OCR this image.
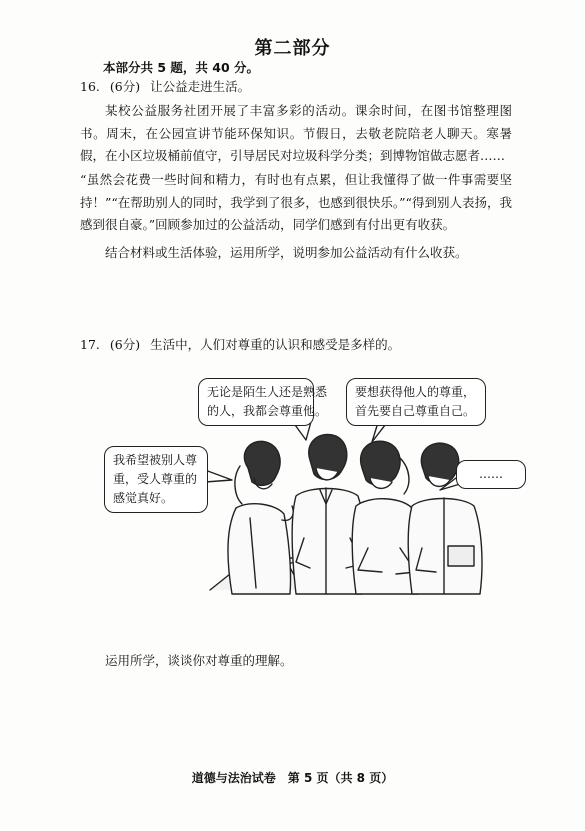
第二部分
本部分共 5 题，共 40 分。
16. (6分) 让公益走进生活。

某校公益服务社团开展了丰富多彩的活动。课余时间，在图书馆整理图书。周末，在公园宣讲节能环保知识。节假日，去敬老院陪老人聊天。寒暑假，在小区垃圾桶前值守，引导居民对垃圾科学分类；到博物馆做志愿者……

“虽然会花费一些时间和精力，有时也有点累，但让我懂得了做一件事需要坚持！”“在帮助别人的同时，我学到了很多，也感到很快乐。”“得到别人表扬，我感到很自豪。”回顾参加过的公益活动，同学们感到有付出更有收获。

结合材料或生活体验，运用所学，说明参加公益活动有什么收获。
17. (6分) 生活中，人们对尊重的认识和感受是多样的。
无论是陌生人还是熟悉
的人，我都会尊重他。
要想获得他人的尊重，
首先要自己尊重自己。
我希望被别人尊
重，受人尊重的
感觉真好。
……
运用所学，谈谈你对尊重的理解。
道德与法治试卷　第 5 页（共 8 页）
